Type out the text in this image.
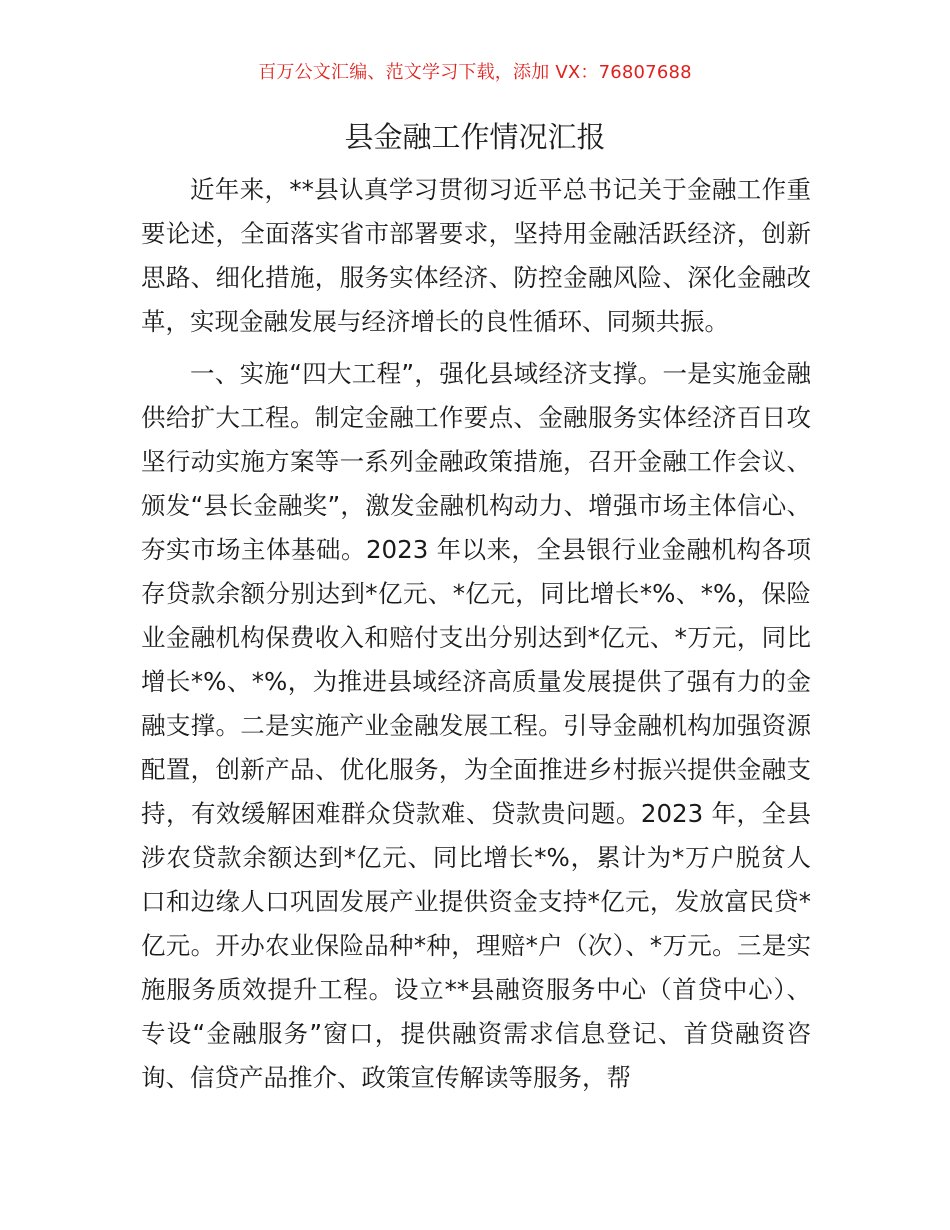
百万公文汇编、范文学习下载，添加 VX：76807688
县金融工作情况汇报

近年来，**县认真学习贯彻习近平总书记关于金融工作重要论述，全面落实省市部署要求，坚持用金融活跃经济，创新思路、细化措施，服务实体经济、防控金融风险、深化金融改革，实现金融发展与经济增长的良性循环、同频共振。

一、实施“四大工程”，强化县域经济支撑。一是实施金融供给扩大工程。制定金融工作要点、金融服务实体经济百日攻坚行动实施方案等一系列金融政策措施，召开金融工作会议、颁发“县长金融奖”，激发金融机构动力、增强市场主体信心、夯实市场主体基础。2023 年以来，全县银行业金融机构各项存贷款余额分别达到*亿元、*亿元，同比增长*%、*%，保险业金融机构保费收入和赔付支出分别达到*亿元、*万元，同比增长*%、*%，为推进县域经济高质量发展提供了强有力的金融支撑。二是实施产业金融发展工程。引导金融机构加强资源配置，创新产品、优化服务，为全面推进乡村振兴提供金融支持，有效缓解困难群众贷款难、贷款贵问题。2023 年，全县涉农贷款余额达到*亿元、同比增长*%，累计为*万户脱贫人口和边缘人口巩固发展产业提供资金支持*亿元，发放富民贷*亿元。开办农业保险品种*种，理赔*户（次）、*万元。三是实施服务质效提升工程。设立**县融资服务中心（首贷中心）、专设“金融服务”窗口，提供融资需求信息登记、首贷融资咨询、信贷产品推介、政策宣传解读等服务，帮
